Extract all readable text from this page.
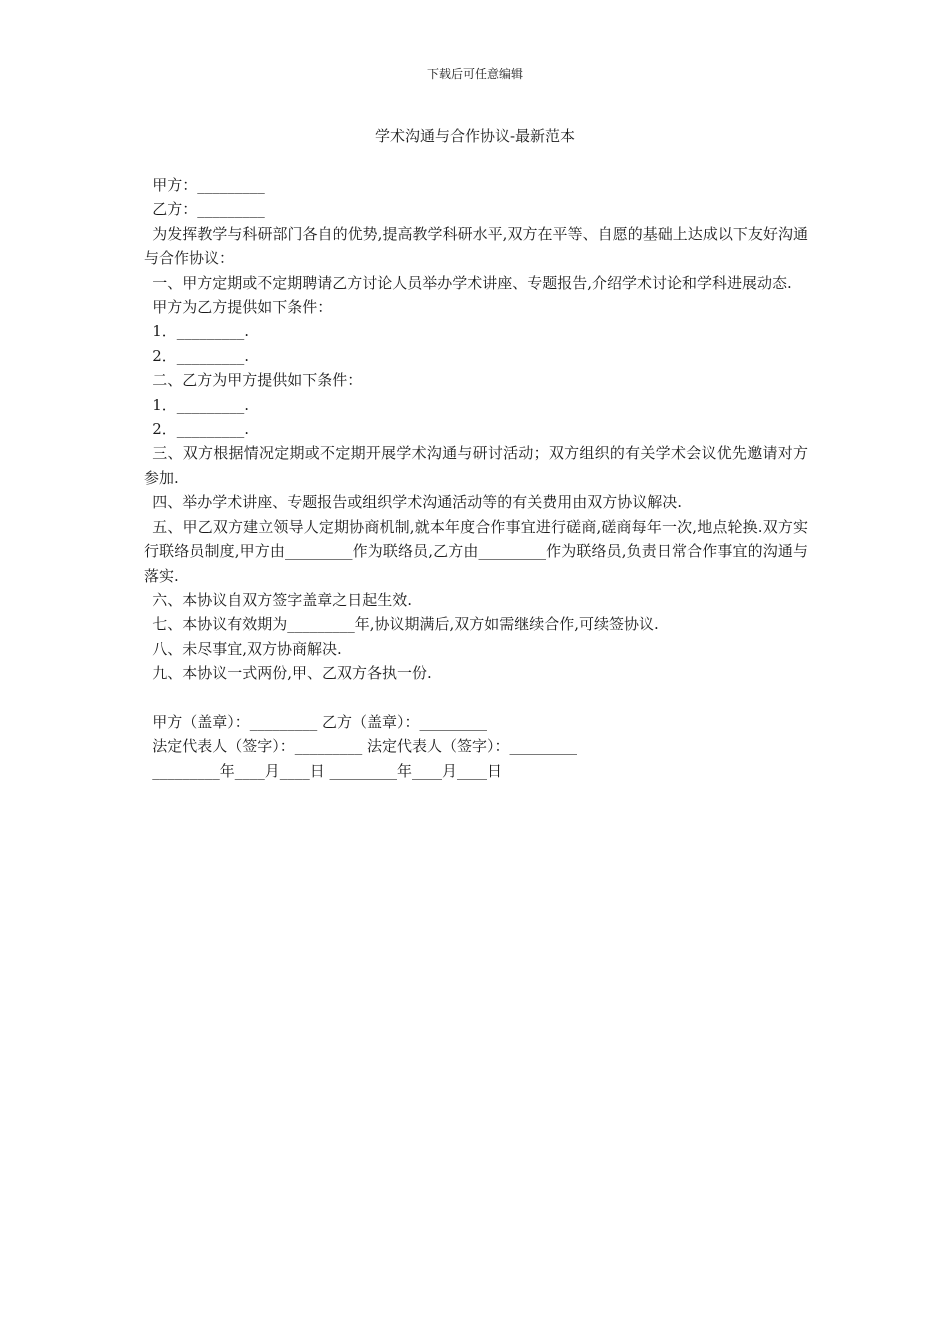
下载后可任意编辑
学术沟通与合作协议-最新范本

甲方：_________

乙方：_________

为发挥教学与科研部门各自的优势,提高教学科研水平,双方在平等、自愿的基础上达成以下友好沟通与合作协议：

一、甲方定期或不定期聘请乙方讨论人员举办学术讲座、专题报告,介绍学术讨论和学科进展动态.

甲方为乙方提供如下条件：

1．_________.

2．_________.

二、乙方为甲方提供如下条件：

1．_________.

2．_________.

三、双方根据情况定期或不定期开展学术沟通与研讨活动；双方组织的有关学术会议优先邀请对方参加.

四、举办学术讲座、专题报告或组织学术沟通活动等的有关费用由双方协议解决.

五、甲乙双方建立领导人定期协商机制,就本年度合作事宜进行磋商,磋商每年一次,地点轮换.双方实行联络员制度,甲方由_________作为联络员,乙方由_________作为联络员,负责日常合作事宜的沟通与落实.

六、本协议自双方签字盖章之日起生效.

七、本协议有效期为_________年,协议期满后,双方如需继续合作,可续签协议.

八、未尽事宜,双方协商解决.

九、本协议一式两份,甲、乙双方各执一份.

甲方（盖章）：_________ 乙方（盖章）：_________

法定代表人（签字）：_________ 法定代表人（签字）：_________

_________年____月____日 _________年____月____日
